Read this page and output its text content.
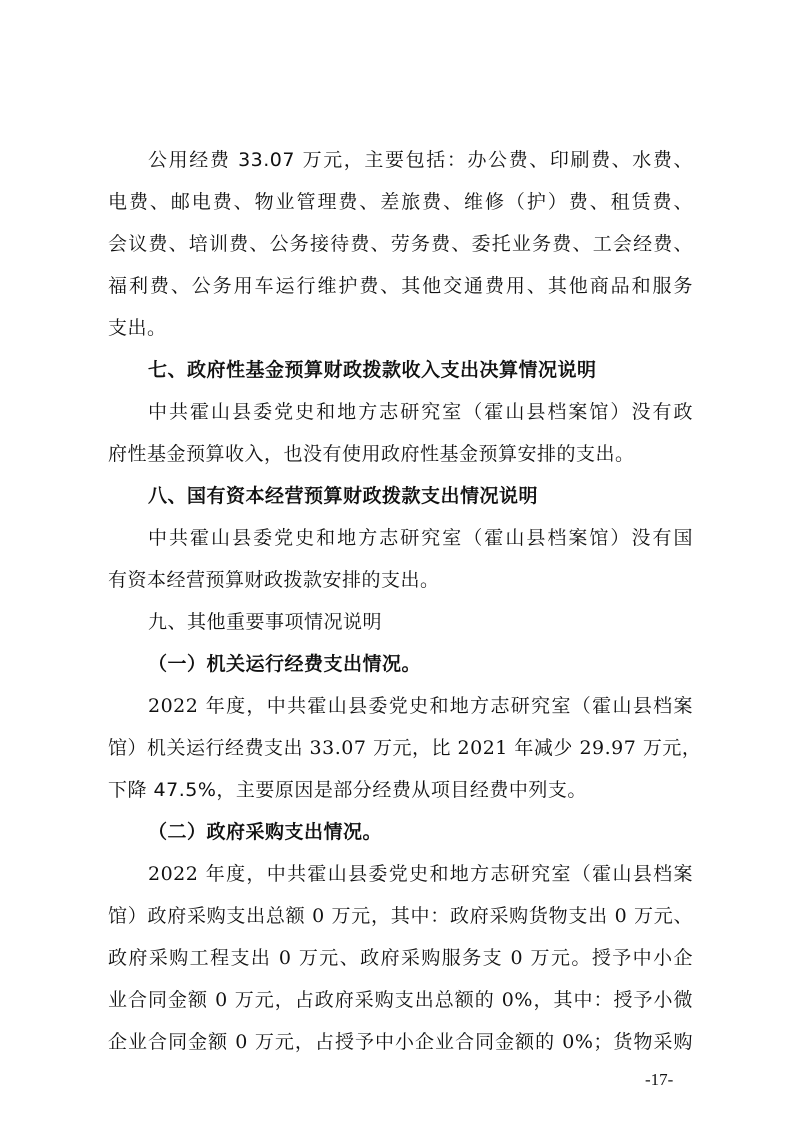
公用经费 33.07 万元，主要包括：办公费、印刷费、水费、
电费、邮电费、物业管理费、差旅费、维修（护）费、租赁费、
会议费、培训费、公务接待费、劳务费、委托业务费、工会经费、
福利费、公务用车运行维护费、其他交通费用、其他商品和服务
支出。
七、政府性基金预算财政拨款收入支出决算情况说明
中共霍山县委党史和地方志研究室（霍山县档案馆）没有政
府性基金预算收入，也没有使用政府性基金预算安排的支出。
八、国有资本经营预算财政拨款支出情况说明
中共霍山县委党史和地方志研究室（霍山县档案馆）没有国
有资本经营预算财政拨款安排的支出。
九、其他重要事项情况说明
（一）机关运行经费支出情况。
2022 年度，中共霍山县委党史和地方志研究室（霍山县档案
馆）机关运行经费支出 33.07 万元，比 2021 年减少 29.97 万元，
下降 47.5%，主要原因是部分经费从项目经费中列支。
（二）政府采购支出情况。
2022 年度，中共霍山县委党史和地方志研究室（霍山县档案
馆）政府采购支出总额 0 万元，其中：政府采购货物支出 0 万元、
政府采购工程支出 0 万元、政府采购服务支 0 万元。授予中小企
业合同金额 0 万元，占政府采购支出总额的 0%，其中：授予小微
企业合同金额 0 万元，占授予中小企业合同金额的 0%；货物采购
-17-
